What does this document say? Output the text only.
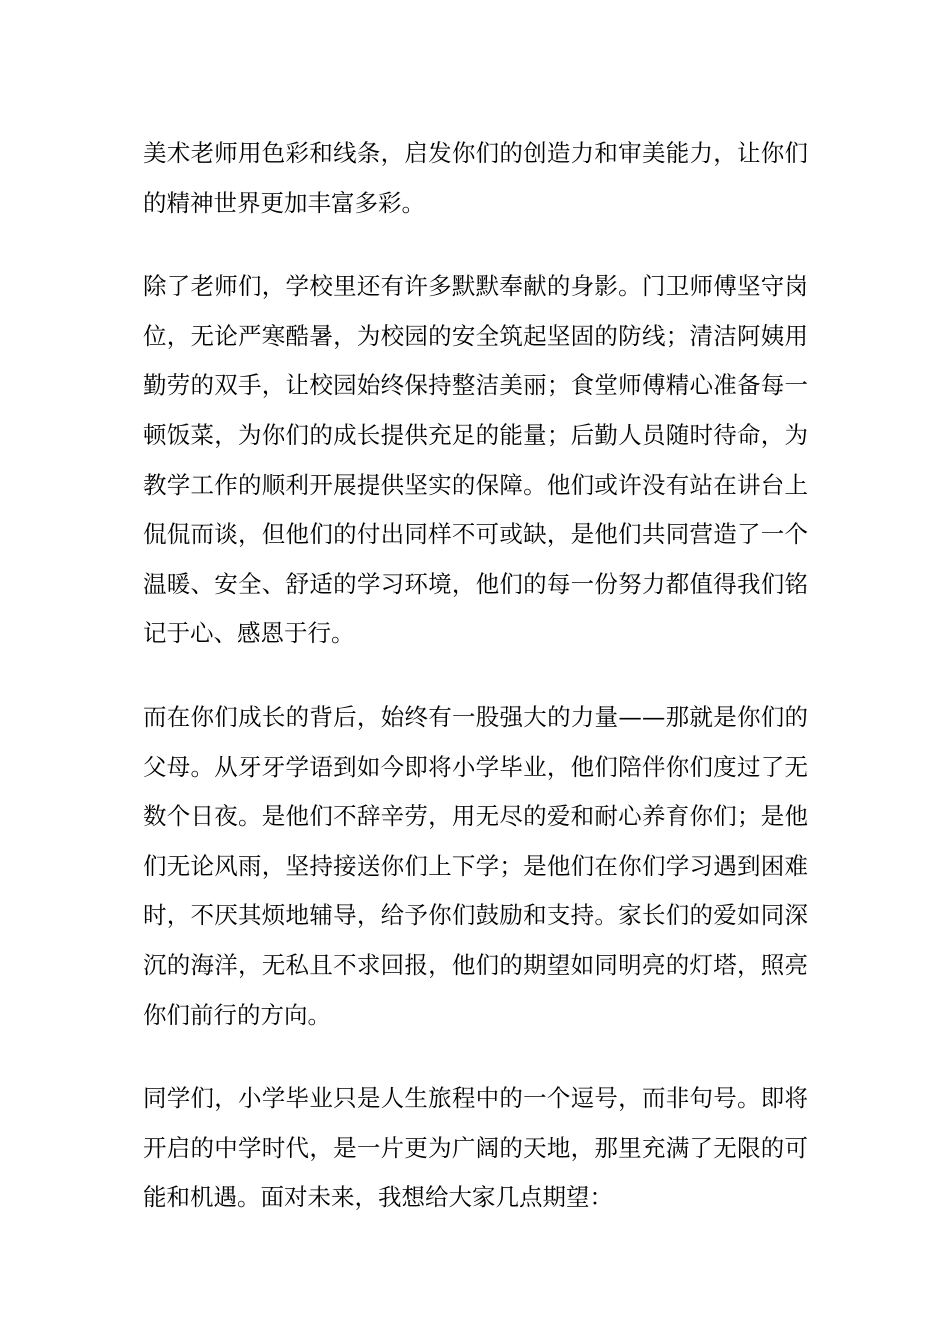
美术老师用色彩和线条，启发你们的创造力和审美能力，让你们的精神世界更加丰富多彩。

除了老师们，学校里还有许多默默奉献的身影。门卫师傅坚守岗位，无论严寒酷暑，为校园的安全筑起坚固的防线；清洁阿姨用勤劳的双手，让校园始终保持整洁美丽；食堂师傅精心准备每一顿饭菜，为你们的成长提供充足的能量；后勤人员随时待命，为教学工作的顺利开展提供坚实的保障。他们或许没有站在讲台上侃侃而谈，但他们的付出同样不可或缺，是他们共同营造了一个温暖、安全、舒适的学习环境，他们的每一份努力都值得我们铭记于心、感恩于行。

而在你们成长的背后，始终有一股强大的力量——那就是你们的父母。从牙牙学语到如今即将小学毕业，他们陪伴你们度过了无数个日夜。是他们不辞辛劳，用无尽的爱和耐心养育你们；是他们无论风雨，坚持接送你们上下学；是他们在你们学习遇到困难时，不厌其烦地辅导，给予你们鼓励和支持。家长们的爱如同深沉的海洋，无私且不求回报，他们的期望如同明亮的灯塔，照亮你们前行的方向。

同学们，小学毕业只是人生旅程中的一个逗号，而非句号。即将开启的中学时代，是一片更为广阔的天地，那里充满了无限的可能和机遇。面对未来，我想给大家几点期望：
